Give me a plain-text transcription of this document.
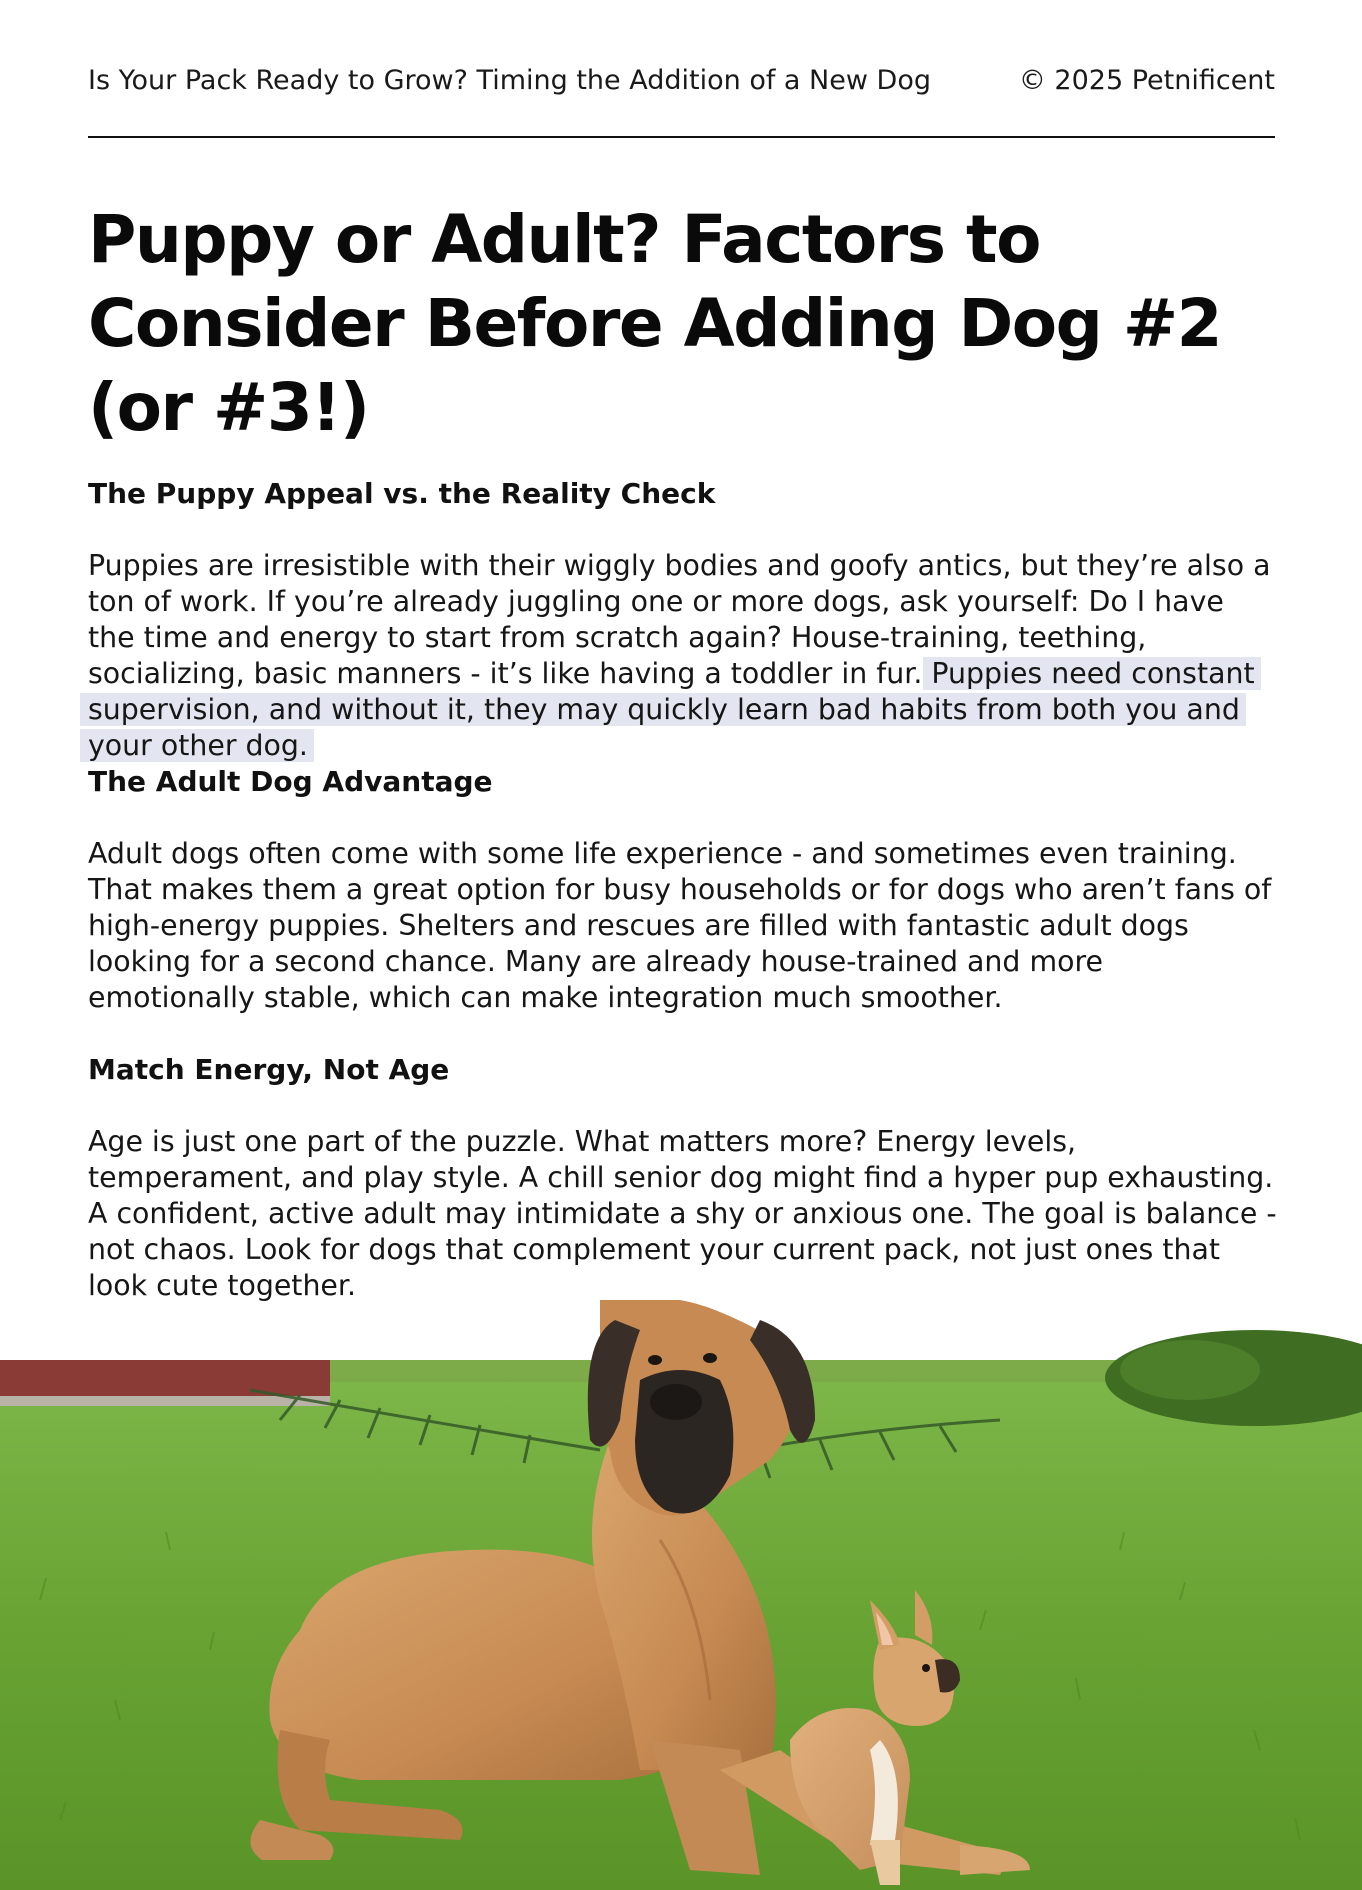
Is Your Pack Ready to Grow? Timing the Addition of a New Dog	© 2025 Petnificent
Puppy or Adult? Factors to Consider Before Adding Dog #2 (or #3!)
The Puppy Appeal vs. the Reality Check

Puppies are irresistible with their wiggly bodies and goofy antics, but they’re also a ton of work. If you’re already juggling one or more dogs, ask yourself: Do I have the time and energy to start from scratch again? House-training, teething, socializing, basic manners - it’s like having a toddler in fur. Puppies need constant supervision, and without it, they may quickly learn bad habits from both you and your other dog.

The Adult Dog Advantage

Adult dogs often come with some life experience - and sometimes even training. That makes them a great option for busy households or for dogs who aren’t fans of high-energy puppies. Shelters and rescues are filled with fantastic adult dogs looking for a second chance. Many are already house-trained and more emotionally stable, which can make integration much smoother.

Match Energy, Not Age

Age is just one part of the puzzle. What matters more? Energy levels, temperament, and play style. A chill senior dog might find a hyper pup exhausting. A confident, active adult may intimidate a shy or anxious one. The goal is balance - not chaos. Look for dogs that complement your current pack, not just ones that look cute together.
